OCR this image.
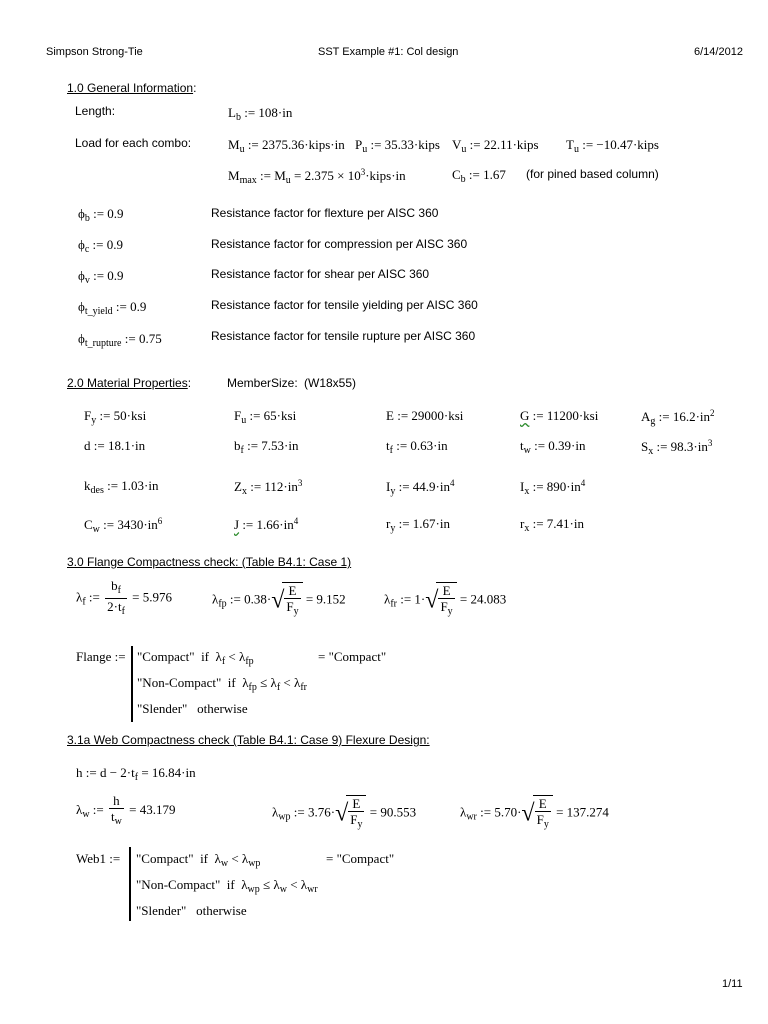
Simpson Strong-Tie	SST Example #1: Col design	6/14/2012
1.0 General Information:
Length:	$L_b$ := 108·in
Load for each combo:	$M_u$ := 2375.36·kips·in $P_u$ := 35.33·kips $V_u$ := 22.11·kips $T_u$ := −10.47·kips
$M_{max}$ := $M_u = 2.375$ × $10^3\cdot kips\cdot in$	$C_b$ := 1.67 (for pined based column)
$\phi_b$ := 0.9	Resistance factor for flexture per AISC 360
$\phi_c$ := 0.9	Resistance factor for compression per AISC 360
$\phi_v$ := 0.9	Resistance factor for shear per AISC 360
$\phi_{t\_yield}$ := 0.9	Resistance factor for tensile yielding per AISC 360
$\phi_{t\_rupture}$ := 0.75	Resistance factor for tensile rupture per AISC 360
2.0 Material Properties:	MemberSize: (W18x55)
$F_y$ := 50·ksi	$F_u$ := 65·ksi	E := 29000·ksi	G := 11200·ksi	$A_g$ := $16.2\cdot in^2$
d := 18.1·in	$b_f$ := 7.53·in	$t_f$ := 0.63·in	$t_w$ := 0.39·in	$S_x$ := $98.3\cdot in^3$
$k_{des}$ := 1.03·in	$Z_x$ := $112\cdot in^3$	$I_y$ := $44.9\cdot in^4$	$I_x$ := $890\cdot in^4$
$C_w$ := $3430\cdot in^6$	J := $1.66\cdot in^4$	$r_y$ := 1.67·in	$r_x$ := 7.41·in
3.0 Flange Compactness check: (Table B4.1: Case 1)
$\lambda_f$ := $\frac{b_f}{2\cdot t_f} = 5.976$	$\lambda_{fp}$ := $0.38\cdot√ \frac{E}{F_y} = 9.152$	$\lambda_{fr}$ := $1\cdot√ \frac{E}{F_y} = 24.083$
Flange := "Compact" if  $\lambda_f < \lambda_{fp}$	= "Compact"
"Non-Compact" if  $\lambda_{fp} \le \lambda_f < \lambda_{fr}$
"Slender" otherwise
3.1a Web Compactness check (Table B4.1: Case 9) Flexure Design:
h := $d - 2\cdot t_f = 16.84\cdot in$
$\lambda_w$ := $\frac{h}{t_w} = 43.179$	$\lambda_{wp}$ := $3.76\cdot√ \frac{E}{F_y} = 90.553$	$\lambda_{wr}$ := $5.70\cdot√ \frac{E}{F_y} = 137.274$
Web1 := "Compact" if  $\lambda_w < \lambda_{wp}$	= "Compact"
"Non-Compact" if  $\lambda_{wp} \le \lambda_w < \lambda_{wr}$
"Slender" otherwise
1/11
